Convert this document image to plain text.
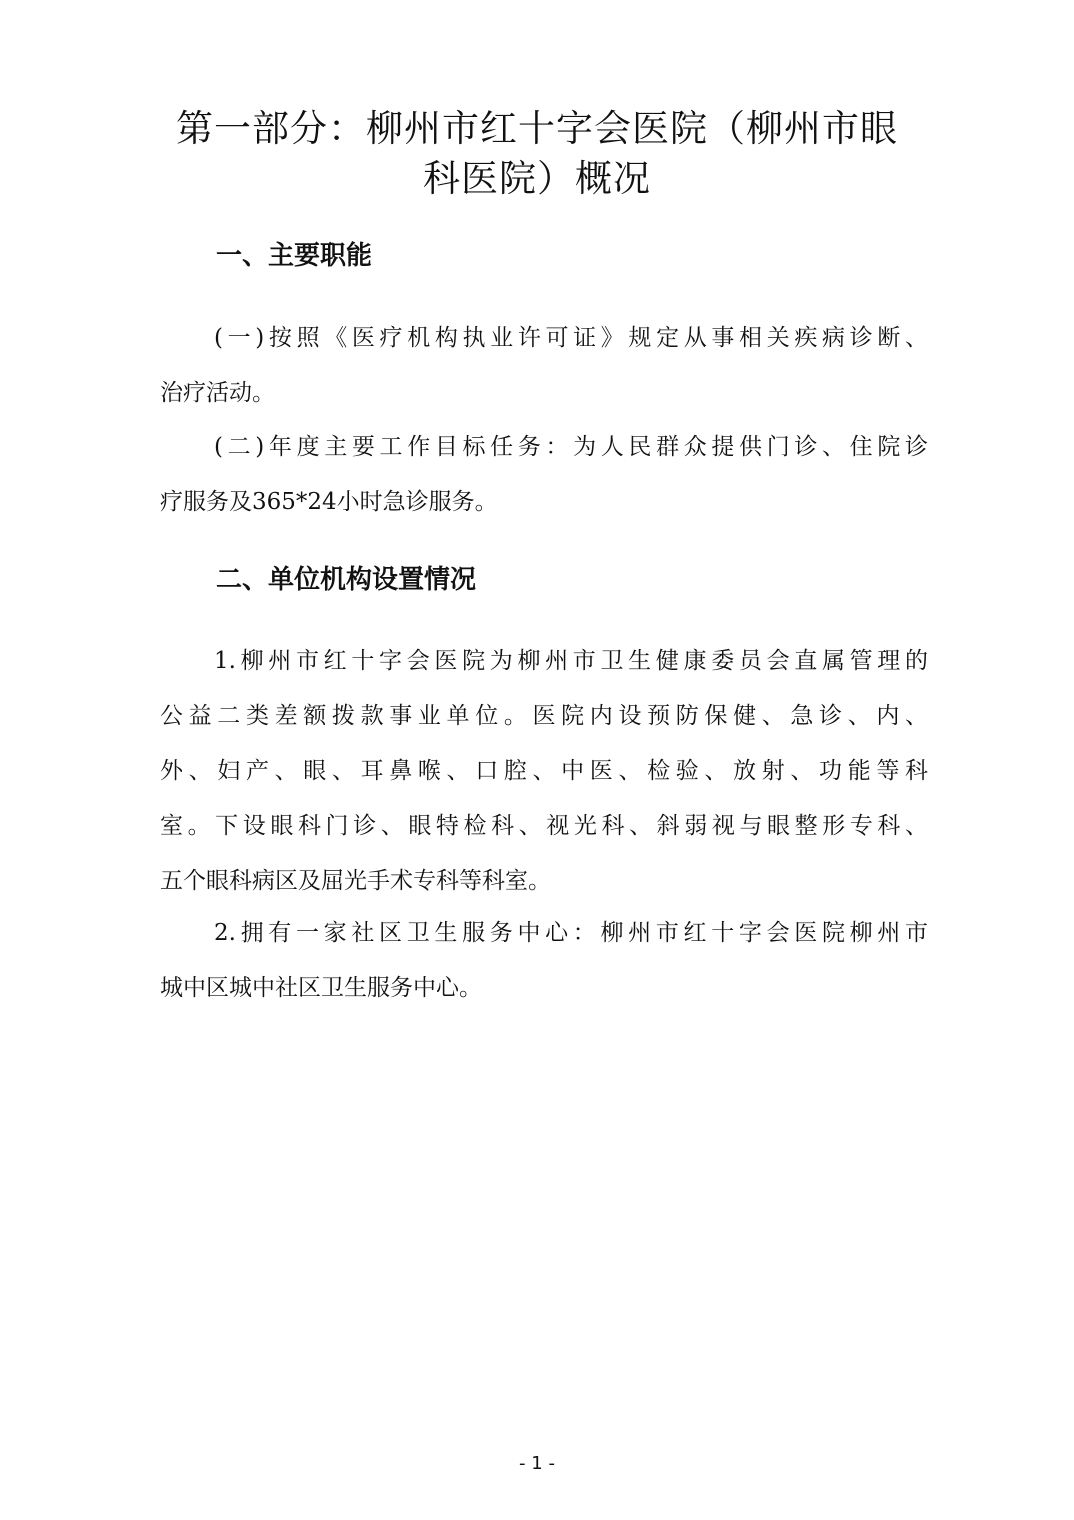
第一部分：柳州市红十字会医院（柳州市眼
科医院）概况
一、主要职能
(一)按照《医疗机构执业许可证》规定从事相关疾病诊断、
治疗活动。
(二)年度主要工作目标任务：为人民群众提供门诊、住院诊
疗服务及365*24小时急诊服务。
二、单位机构设置情况
1.柳州市红十字会医院为柳州市卫生健康委员会直属管理的
公益二类差额拨款事业单位。医院内设预防保健、急诊、内、
外、妇产、眼、耳鼻喉、口腔、中医、检验、放射、功能等科
室。下设眼科门诊、眼特检科、视光科、斜弱视与眼整形专科、
五个眼科病区及屈光手术专科等科室。
2.拥有一家社区卫生服务中心：柳州市红十字会医院柳州市
城中区城中社区卫生服务中心。
- 1 -
